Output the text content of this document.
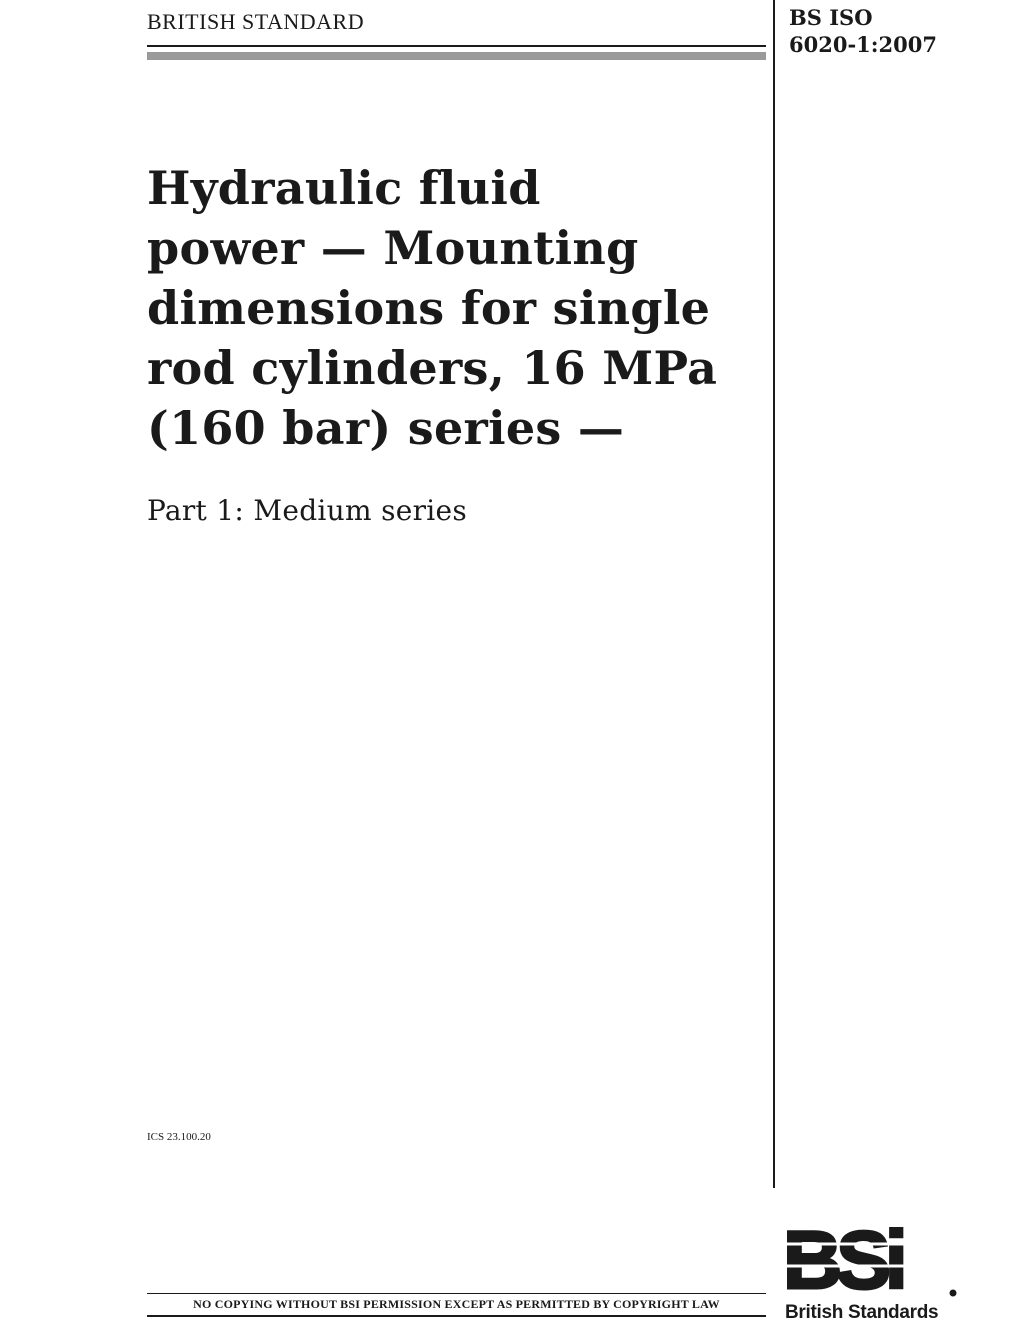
BRITISH STANDARD	BS ISO
6020-1:2007
Hydraulic fluid
power — Mounting
dimensions for single
rod cylinders, 16 MPa
(160 bar) series —
Part 1: Medium series
ICS 23.100.20
NO COPYING WITHOUT BSI PERMISSION EXCEPT AS PERMITTED BY COPYRIGHT LAW BSi
British Standards
